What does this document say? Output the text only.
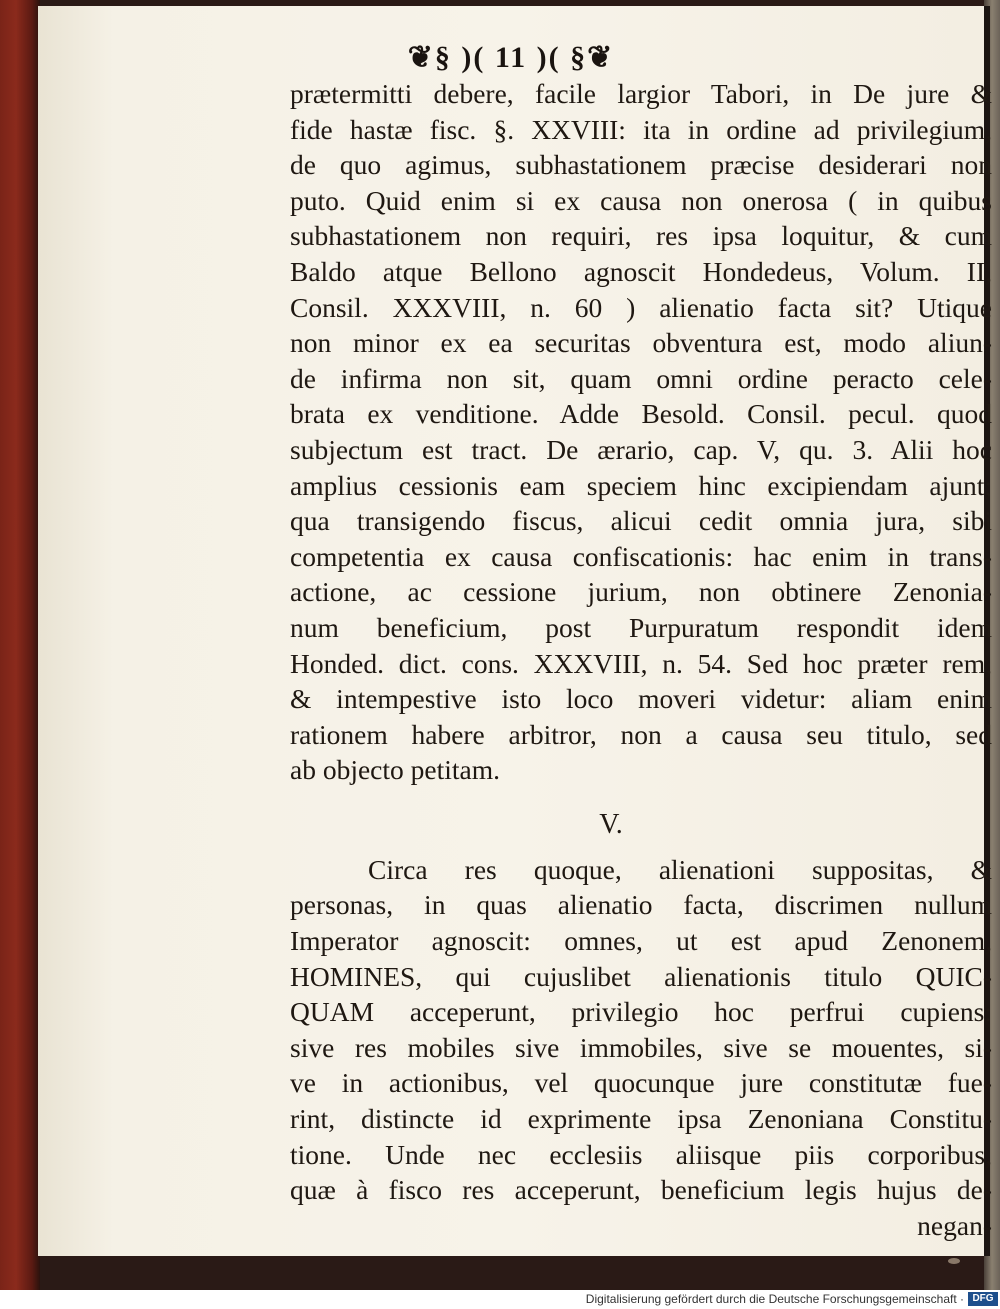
❦§ )( 11 )( §❦
prætermitti debere, facile largior Tabori, in De jure &
fide hastæ fisc. §. XXVIII: ita in ordine ad privilegium,
de quo agimus, subhastationem præcise desiderari non
puto. Quid enim si ex causa non onerosa ( in quibus
subhastationem non requiri, res ipsa loquitur, & cum
Baldo atque Bellono agnoscit Hondedeus, Volum. II,
Consil. XXXVIII, n. 60 ) alienatio facta sit? Utique
non minor ex ea securitas obventura est, modo aliun-
de infirma non sit, quam omni ordine peracto cele-
brata ex venditione. Adde Besold. Consil. pecul. quod
subjectum est tract. De ærario, cap. V, qu. 3. Alii hoc
amplius cessionis eam speciem hinc excipiendam ajunt;
qua transigendo fiscus, alicui cedit omnia jura, sibi
competentia ex causa confiscationis: hac enim in trans-
actione, ac cessione jurium, non obtinere Zenonia-
num beneficium, post Purpuratum respondit idem
Honded. dict. cons. XXXVIII, n. 54. Sed hoc præter rem,
& intempestive isto loco moveri videtur: aliam enim
rationem habere arbitror, non a causa seu titulo, sed
ab objecto petitam.
V.
Circa res quoque, alienationi suppositas, &
personas, in quas alienatio facta, discrimen nullum
Imperator agnoscit: omnes, ut est apud Zenonem,
HOMINES, qui cujuslibet alienationis titulo QUIC-
QUAM acceperunt, privilegio hoc perfrui cupiens:
sive res mobiles sive immobiles, sive se mouentes, si-
ve in actionibus, vel quocunque jure constitutæ fue-
rint, distincte id exprimente ipsa Zenoniana Constitu-
tione. Unde nec ecclesiis aliisque piis corporibus,
quæ à fisco res acceperunt, beneficium legis hujus de-
negan-
Digitalisierung gefördert durch die Deutsche Forschungsgemeinschaft · DFG
